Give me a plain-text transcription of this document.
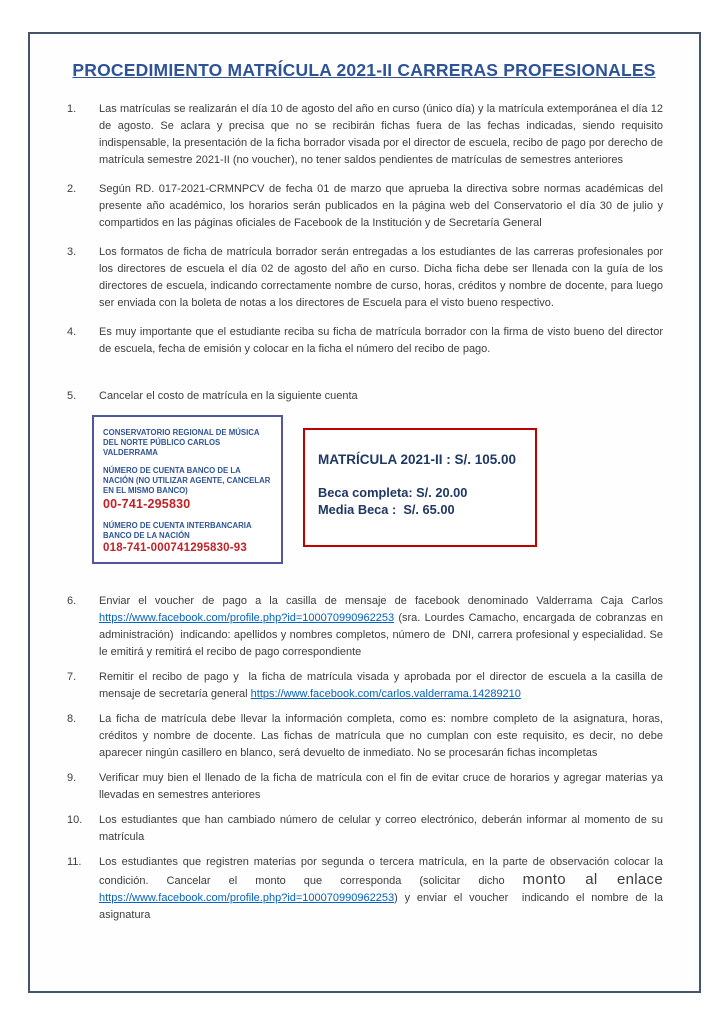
PROCEDIMIENTO MATRÍCULA 2021-II CARRERAS PROFESIONALES
1.	Las matrículas se realizarán el día 10 de agosto del año en curso (único día) y la matrícula extemporánea el día 12 de agosto. Se aclara y precisa que no se recibirán fichas fuera de las fechas indicadas, siendo requisito indispensable, la presentación de la ficha borrador visada por el director de escuela, recibo de pago por derecho de matrícula semestre 2021-II (no voucher), no tener saldos pendientes de matrículas de semestres anteriores
2.	Según RD. 017-2021-CRMNPCV de fecha 01 de marzo que aprueba la directiva sobre normas académicas del presente año académico, los horarios serán publicados en la página web del Conservatorio el día 30 de julio y compartidos en las páginas oficiales de Facebook de la Institución y de Secretaría General
3.	Los formatos de ficha de matrícula borrador serán entregadas a los estudiantes de las carreras profesionales por los directores de escuela el día 02 de agosto del año en curso. Dicha ficha debe ser llenada con la guía de los directores de escuela, indicando correctamente nombre de curso, horas, créditos y nombre de docente, para luego ser enviada con la boleta de notas a los directores de Escuela para el visto bueno respectivo.
4.	Es muy importante que el estudiante reciba su ficha de matrícula borrador con la firma de visto bueno del director de escuela, fecha de emisión y colocar en la ficha el número del recibo de pago.
5.	Cancelar el costo de matrícula en la siguiente cuenta
CONSERVATORIO REGIONAL DE MÚSICA DEL NORTE PÚBLICO CARLOS VALDERRAMA
NÚMERO DE CUENTA BANCO DE LA NACIÓN (NO UTILIZAR AGENTE, CANCELAR EN EL MISMO BANCO)
00-741-295830
NÚMERO DE CUENTA INTERBANCARIA BANCO DE LA NACIÓN
018-741-000741295830-93
MATRÍCULA 2021-II : S/. 105.00
Beca completa: S/. 20.00
Media Beca :  S/. 65.00
6.	Enviar el voucher de pago a la casilla de mensaje de facebook denominado Valderrama Caja Carlos https://www.facebook.com/profile.php?id=100070990962253 (sra. Lourdes Camacho, encargada de cobranzas en administración)  indicando: apellidos y nombres completos, número de  DNI, carrera profesional y especialidad. Se le emitirá y remitirá el recibo de pago correspondiente
7.	Remitir el recibo de pago y  la ficha de matrícula visada y aprobada por el director de escuela a la casilla de mensaje de secretaría general https://www.facebook.com/carlos.valderrama.14289210
8.	La ficha de matrícula debe llevar la información completa, como es: nombre completo de la asignatura, horas, créditos y nombre de docente. Las fichas de matrícula que no cumplan con este requisito, es decir, no debe aparecer ningún casillero en blanco, será devuelto de inmediato. No se procesarán fichas incompletas
9.	Verificar muy bien el llenado de la ficha de matrícula con el fin de evitar cruce de horarios y agregar materias ya llevadas en semestres anteriores
10.	Los estudiantes que han cambiado número de celular y correo electrónico, deberán informar al momento de su matrícula
11.	Los estudiantes que registren materias por segunda o tercera matrícula, en la parte de observación colocar la condición. Cancelar el monto que corresponda (solicitar dicho monto al enlace https://www.facebook.com/profile.php?id=100070990962253) y enviar el voucher  indicando el nombre de la asignatura
